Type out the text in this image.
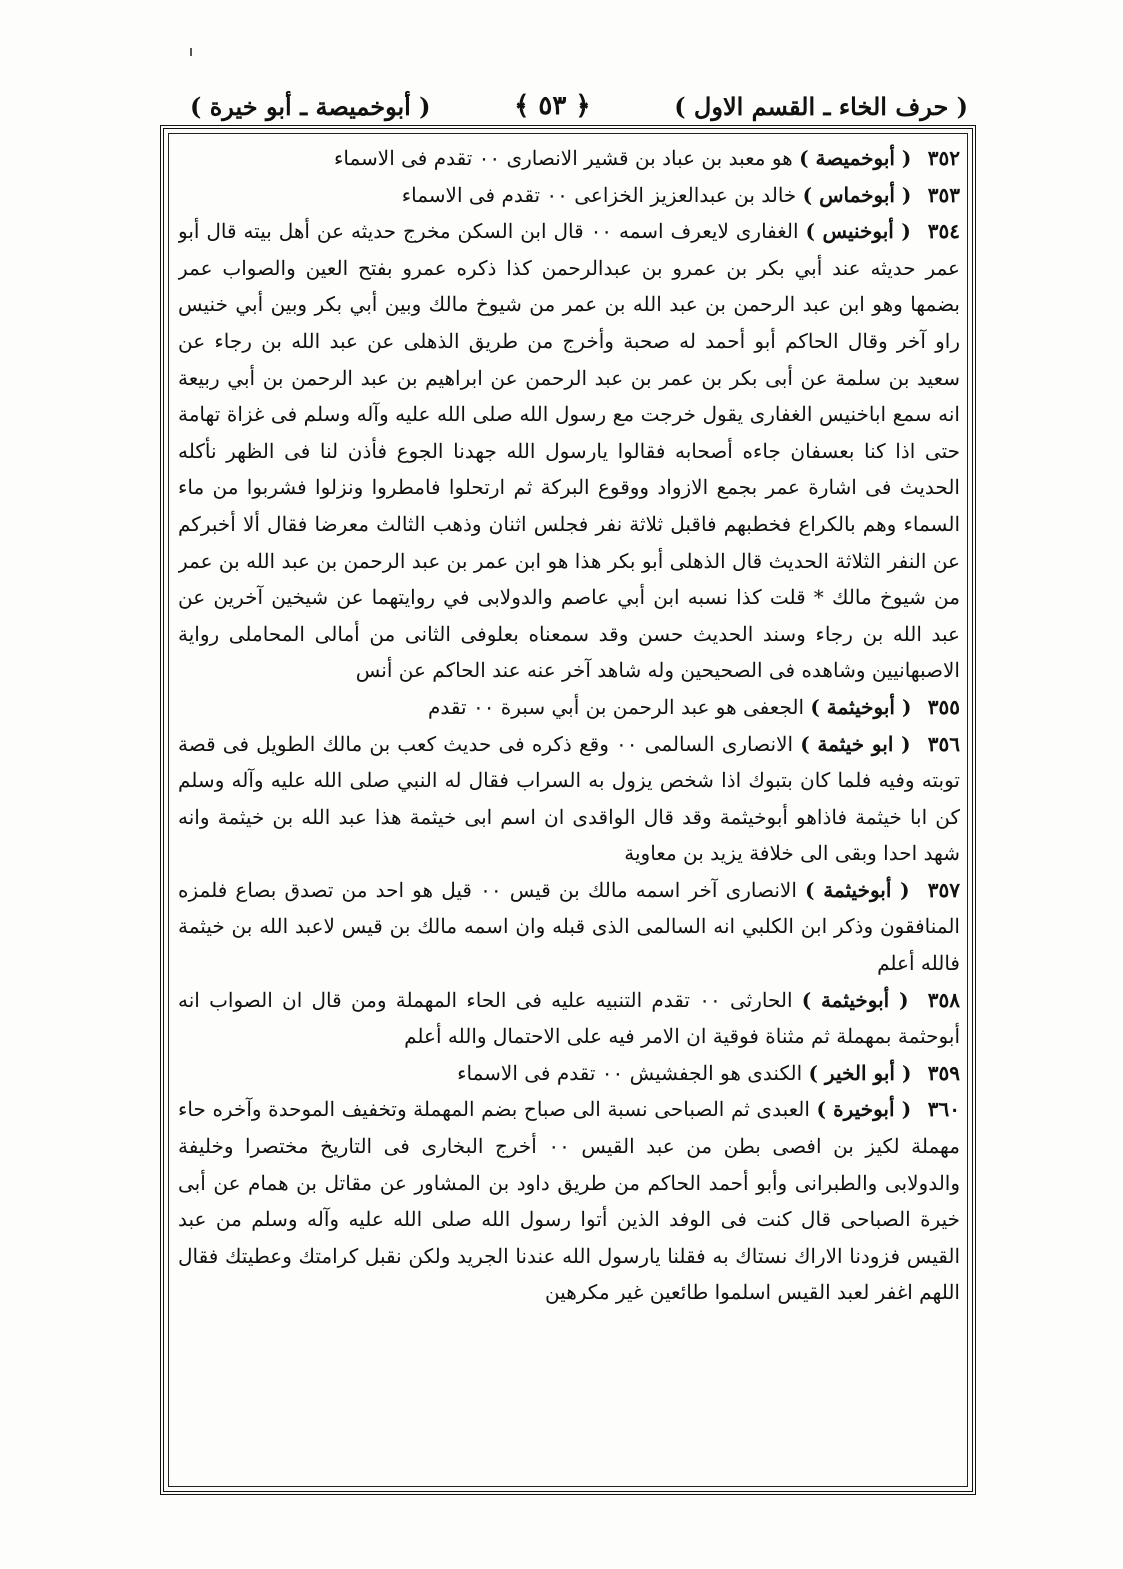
( حرف الخاء ـ القسم الاول )
﴿ ٥٣ ﴾
( أبوخميصة ـ أبو خيرة )

٣٥٢ ( أبوخميصة ) هو معبد بن عباد بن قشير الانصارى ٠٠ تقدم فى الاسماء

٣٥٣ ( أبوخماس ) خالد بن عبدالعزيز الخزاعى ٠٠ تقدم فى الاسماء

٣٥٤ ( أبوخنيس ) الغفارى لايعرف اسمه ٠٠ قال ابن السكن مخرج حديثه عن أهل بيته قال أبو عمر حديثه عند أبي بكر بن عمرو بن عبدالرحمن كذا ذكره عمرو بفتح العين والصواب عمر بضمها وهو ابن عبد الرحمن بن عبد الله بن عمر من شيوخ مالك وبين أبي بكر وبين أبي خنيس راو آخر وقال الحاكم أبو أحمد له صحبة وأخرج من طريق الذهلى عن عبد الله بن رجاء عن سعيد بن سلمة عن أبى بكر بن عمر بن عبد الرحمن عن ابراهيم بن عبد الرحمن بن أبي ربيعة انه سمع اباخنيس الغفارى يقول خرجت مع رسول الله صلى الله عليه وآله وسلم فى غزاة تهامة حتى اذا كنا بعسفان جاءه أصحابه فقالوا يارسول الله جهدنا الجوع فأذن لنا فى الظهر نأكله الحديث فى اشارة عمر بجمع الازواد ووقوع البركة ثم ارتحلوا فامطروا ونزلوا فشربوا من ماء السماء وهم بالكراع فخطبهم فاقبل ثلاثة نفر فجلس اثنان وذهب الثالث معرضا فقال ألا أخبركم عن النفر الثلاثة الحديث قال الذهلى أبو بكر هذا هو ابن عمر بن عبد الرحمن بن عبد الله بن عمر من شيوخ مالك * قلت كذا نسبه ابن أبي عاصم والدولابى في روايتهما عن شيخين آخرين عن عبد الله بن رجاء وسند الحديث حسن وقد سمعناه بعلوفى الثانى من أمالى المحاملى رواية الاصبهانيين وشاهده فى الصحيحين وله شاهد آخر عنه عند الحاكم عن أنس

٣٥٥ ( أبوخيثمة ) الجعفى هو عبد الرحمن بن أبي سبرة ٠٠ تقدم

٣٥٦ ( ابو خيثمة ) الانصارى السالمى ٠٠ وقع ذكره فى حديث كعب بن مالك الطويل فى قصة توبته وفيه فلما كان بتبوك اذا شخص يزول به السراب فقال له النبي صلى الله عليه وآله وسلم كن ابا خيثمة فاذاهو أبوخيثمة وقد قال الواقدى ان اسم ابى خيثمة هذا عبد الله بن خيثمة وانه شهد احدا وبقى الى خلافة يزيد بن معاوية

٣٥٧ ( أبوخيثمة ) الانصارى آخر اسمه مالك بن قيس ٠٠ قيل هو احد من تصدق بصاع فلمزه المنافقون وذكر ابن الكلبي انه السالمى الذى قبله وان اسمه مالك بن قيس لاعبد الله بن خيثمة فالله أعلم

٣٥٨ ( أبوخيثمة ) الحارثى ٠٠ تقدم التنبيه عليه فى الحاء المهملة ومن قال ان الصواب انه أبوحثمة بمهملة ثم مثناة فوقية ان الامر فيه على الاحتمال والله أعلم

٣٥٩ ( أبو الخير ) الكندى هو الجفشيش ٠٠ تقدم فى الاسماء

٣٦٠ ( أبوخيرة ) العبدى ثم الصباحى نسبة الى صباح بضم المهملة وتخفيف الموحدة وآخره حاء مهملة لكيز بن افصى بطن من عبد القيس ٠٠ أخرج البخارى فى التاريخ مختصرا وخليفة والدولابى والطبرانى وأبو أحمد الحاكم من طريق داود بن المشاور عن مقاتل بن همام عن أبى خيرة الصباحى قال كنت فى الوفد الذين أتوا رسول الله صلى الله عليه وآله وسلم من عبد القيس فزودنا الاراك نستاك به فقلنا يارسول الله عندنا الجريد ولكن نقبل كرامتك وعطيتك فقال اللهم اغفر لعبد القيس اسلموا طائعين غير مكرهين
